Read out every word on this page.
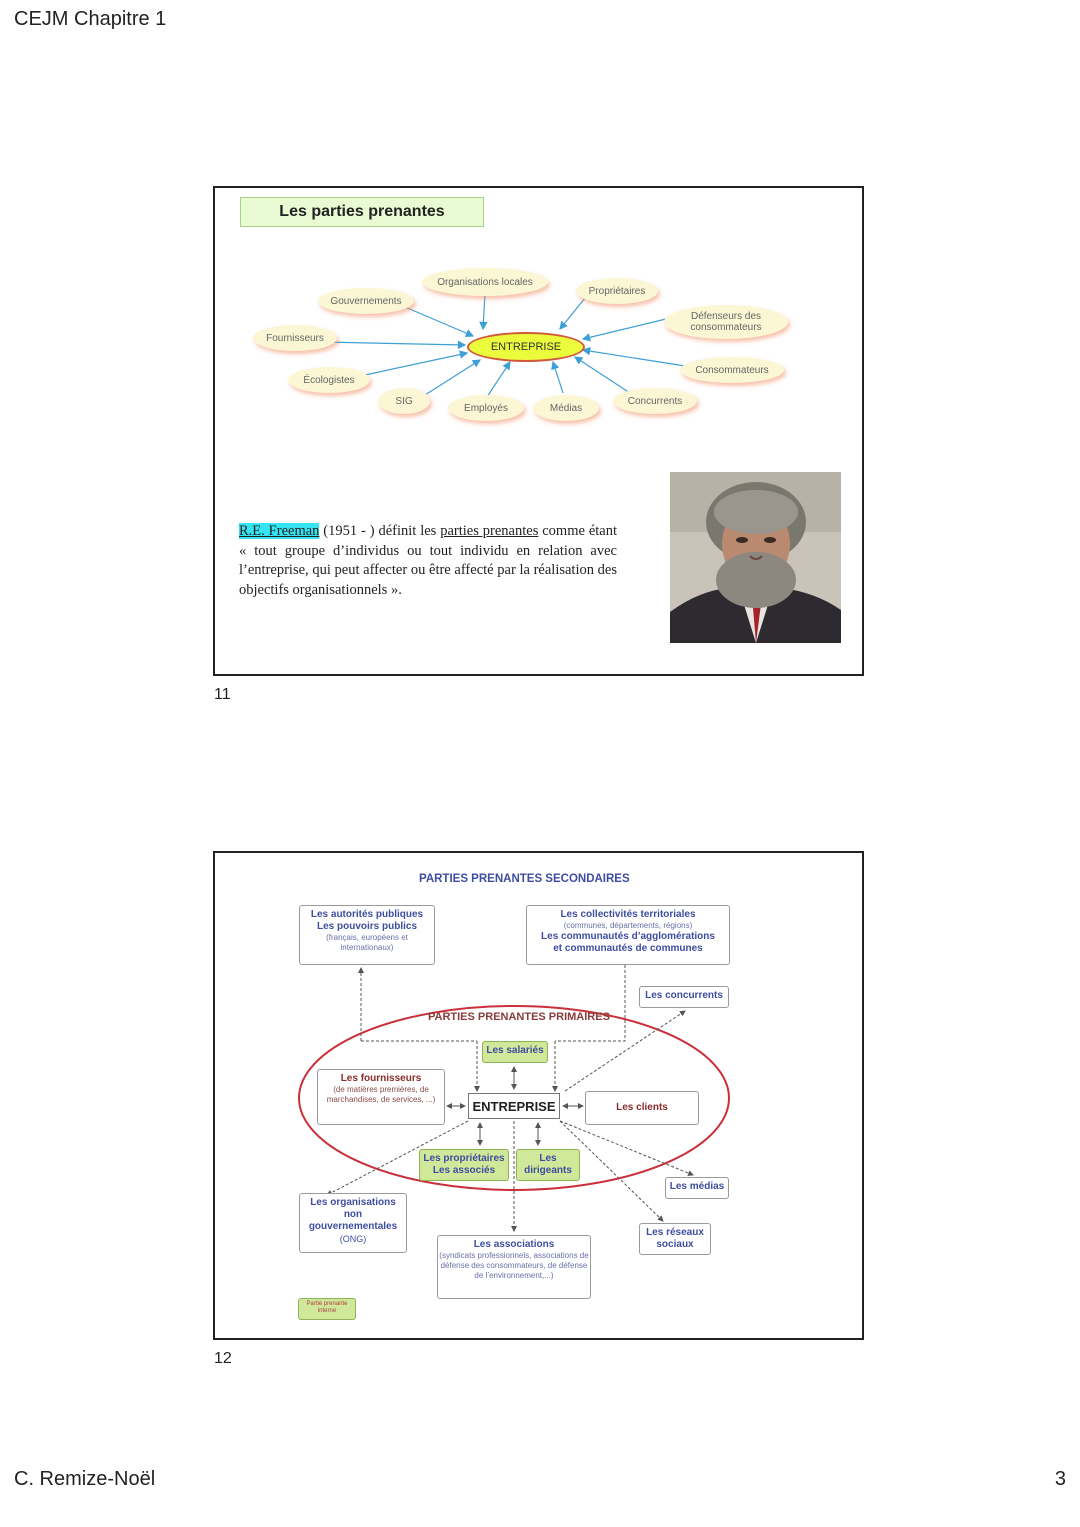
CEJM Chapitre 1
Les parties prenantes
ENTREPRISE
Organisations locales
Propriétaires
Gouvernements
Défenseurs des consommateurs
Fournisseurs
Consommateurs
Écologistes
SIG
Employés	Médias
Concurrents
R.E. Freeman (1951 - ) définit les parties prenantes comme étant « tout groupe d’individus ou tout individu en relation avec l’entreprise, qui peut affecter ou être affecté par la réalisation des objectifs organisationnels ».
11
PARTIES PRENANTES SECONDAIRES
Les autorités publiques
Les pouvoirs publics
(français, européens et internationaux)
Les collectivités territoriales
(communes, départements, régions)
Les communautés d’agglomérations
et communautés de communes
Les concurrents
PARTIES PRENANTES PRIMAIRES
Les salariés
Les fournisseurs
(de matières premières, de marchandises, de services, ...)	ENTREPRISE	Les clients
Les propriétaires
Les associés
Les
dirigeants
Les médias
Les organisations
non
gouvernementales
(ONG)
Les réseaux
sociaux
Les associations
(syndicats professionnels, associations de défense des consommateurs, de défense de l’environnement,...)
Partie prenante interne
12
C. Remize-Noël	3
